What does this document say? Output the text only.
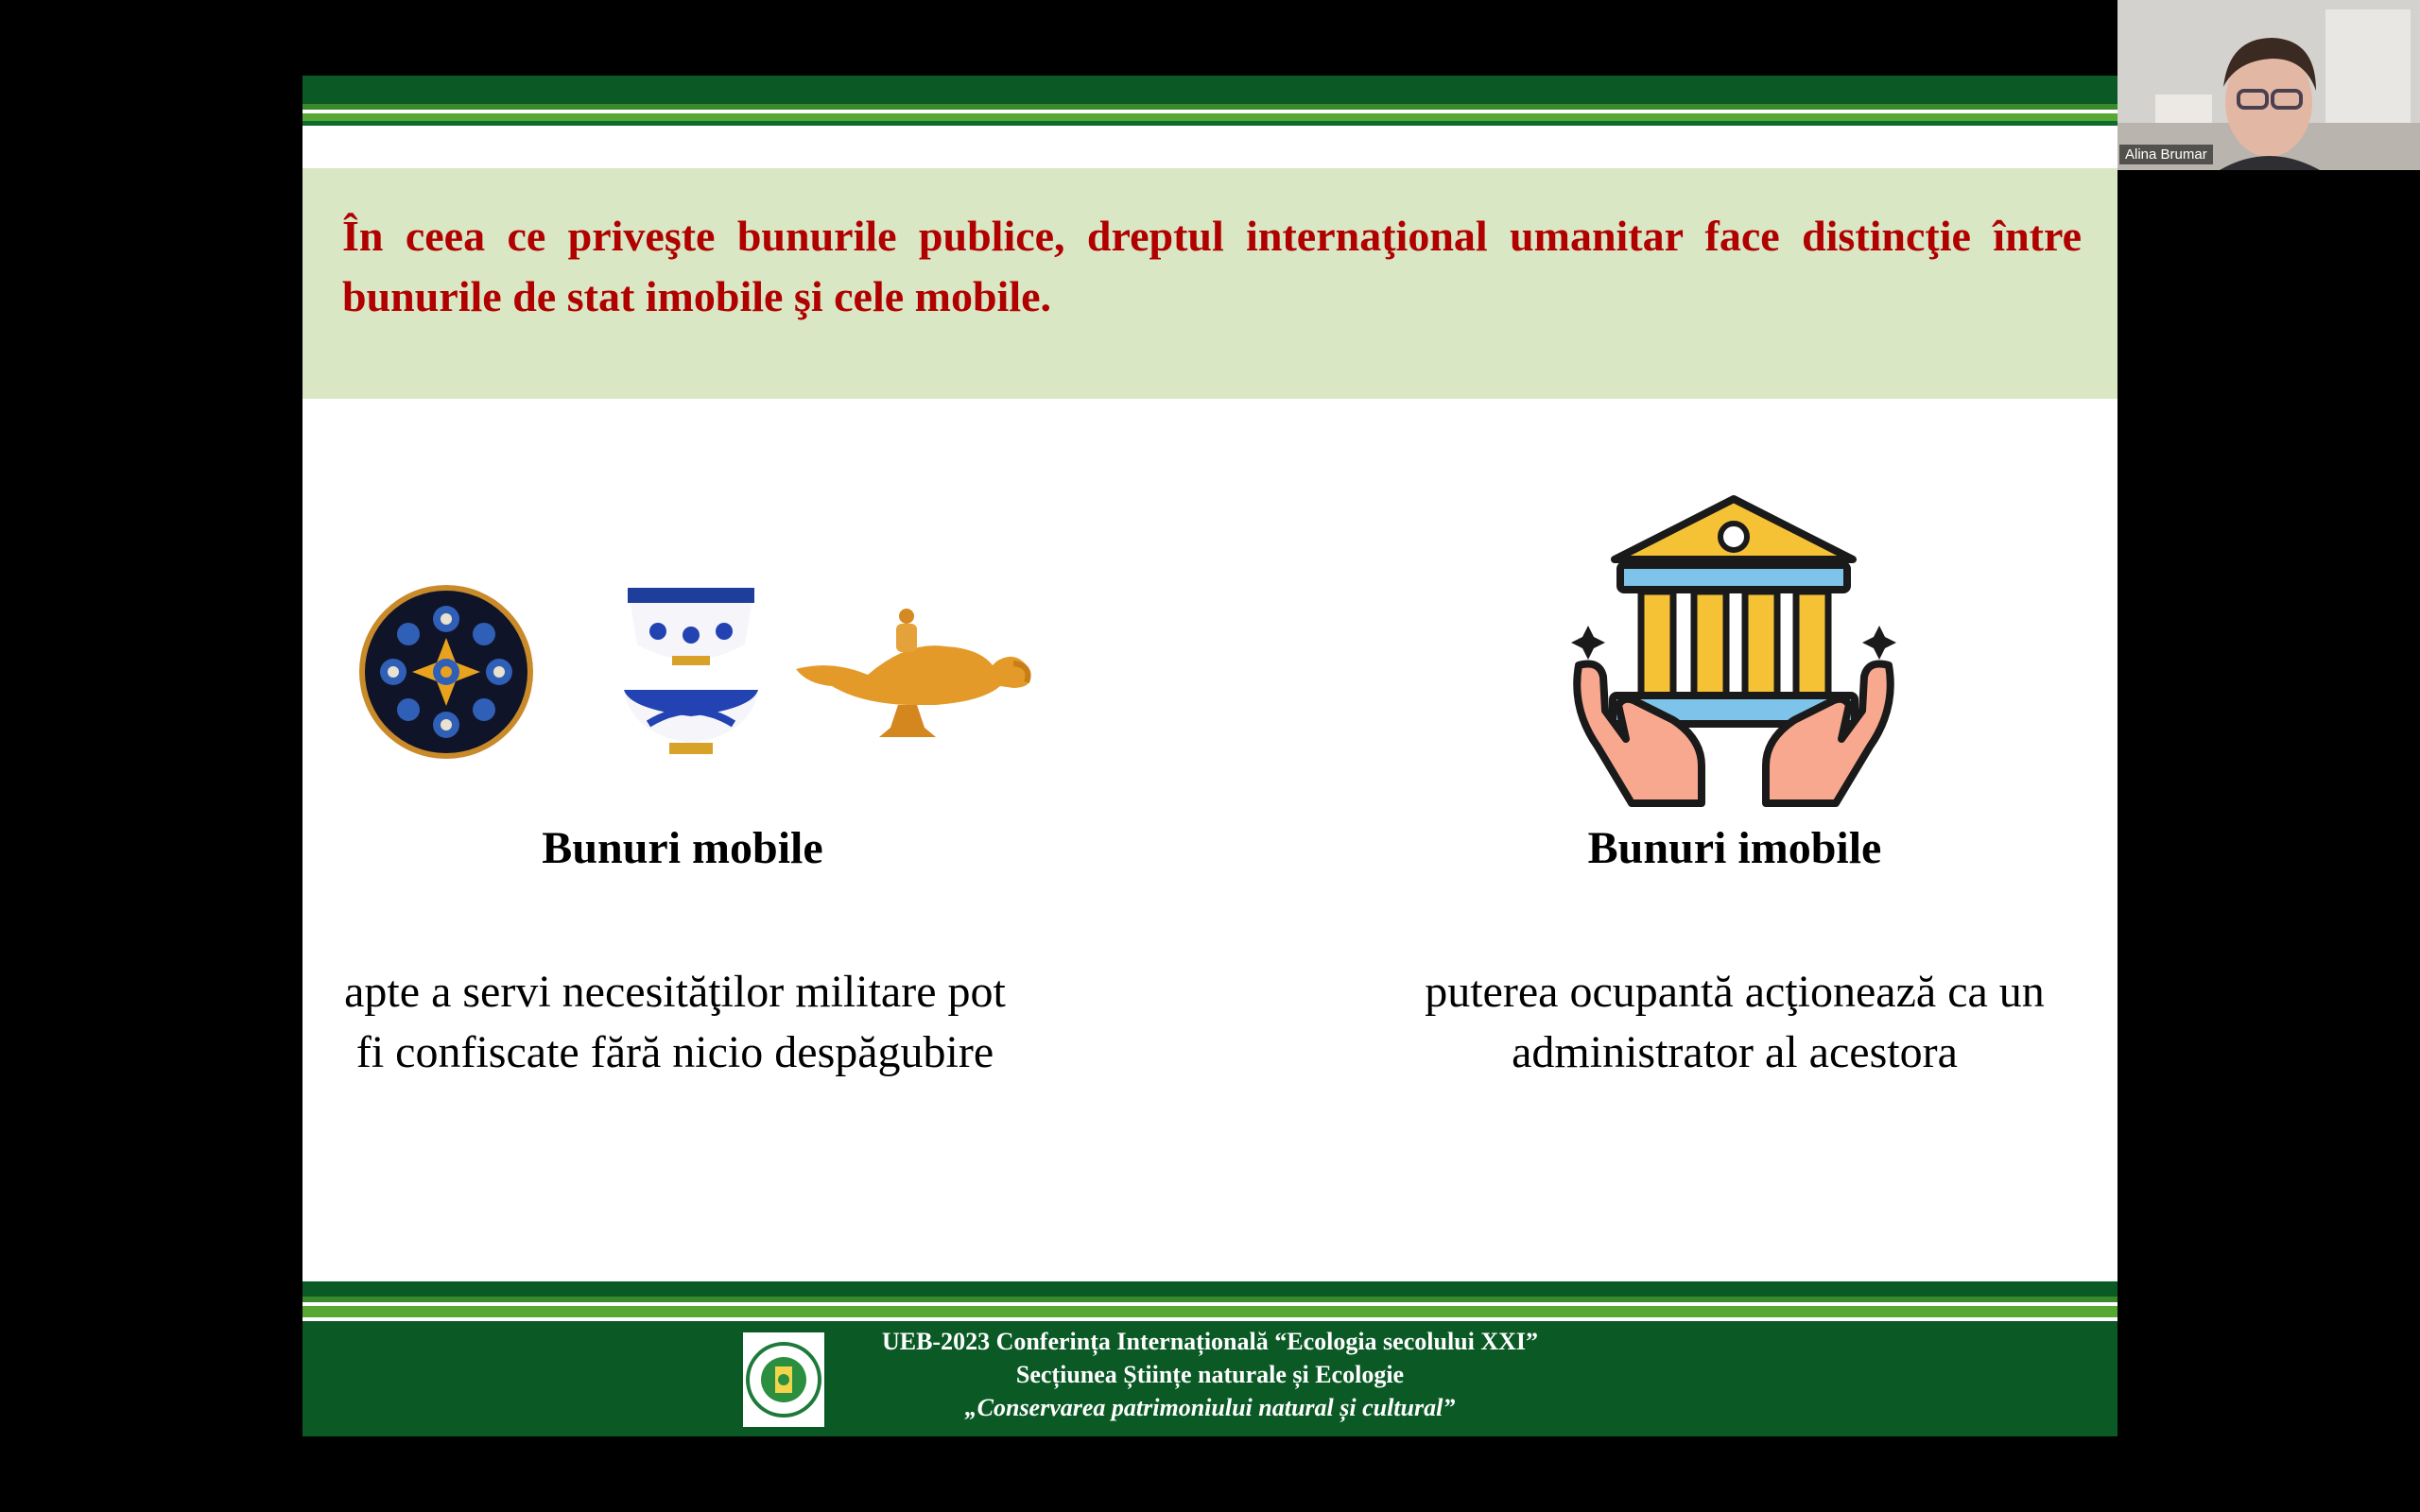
În ceea ce priveşte bunurile publice, dreptul internaţional umanitar face distincţie între bunurile de stat imobile şi cele mobile.

Bunuri mobile	Bunuri imobile
apte a servi necesităţilor militare pot fi confiscate fără nicio despăgubire
puterea ocupantă acţionează ca un administrator al acestora
UEB-2023 Conferința Internațională “Ecologia secolului XXI”
Secțiunea Științe naturale și Ecologie
„Conservarea patrimoniului natural și cultural”
Alina Brumar
